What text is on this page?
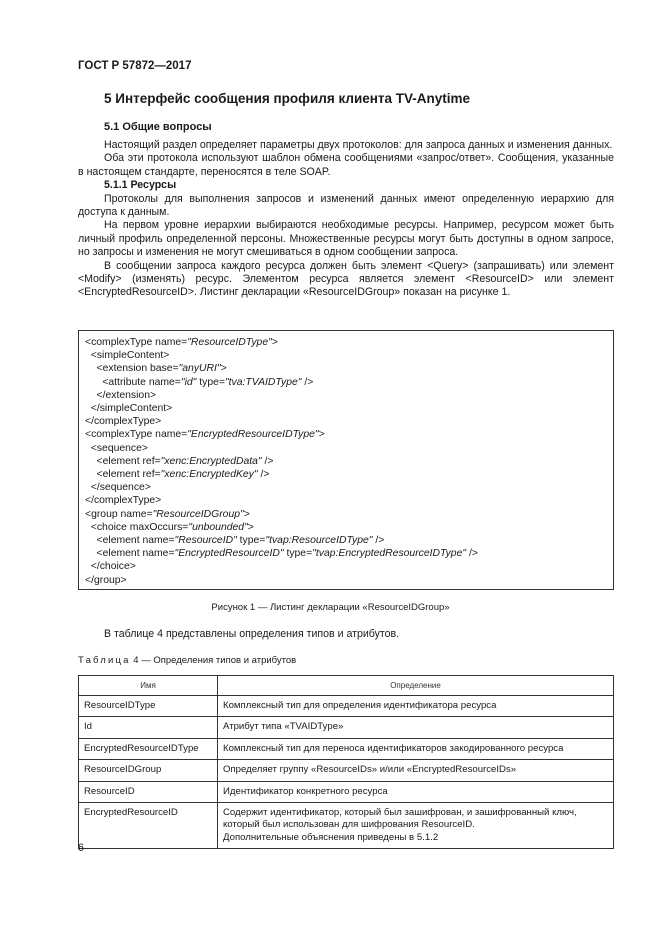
ГОСТ Р 57872—2017
5 Интерфейс сообщения профиля клиента TV-Anytime
5.1 Общие вопросы

Настоящий раздел определяет параметры двух протоколов: для запроса данных и изменения данных.

Оба эти протокола используют шаблон обмена сообщениями «запрос/ответ». Сообщения, указанные в настоящем стандарте, переносятся в теле SOAP.

5.1.1 Ресурсы

Протоколы для выполнения запросов и изменений данных имеют определенную иерархию для доступа к данным.

На первом уровне иерархии выбираются необходимые ресурсы. Например, ресурсом может быть личный профиль определенной персоны. Множественные ресурсы могут быть доступны в одном запросе, но запросы и изменения не могут смешиваться в одном сообщении запроса.

В сообщении запроса каждого ресурса должен быть элемент <Query> (запрашивать) или элемент <Modify> (изменять) ресурс. Элементом ресурса является элемент <ResourceID> или элемент <EncryptedResourceID>. Листинг декларации «ResourceIDGroup» показан на рисунке 1.

<complexType name="ResourceIDType">
<simpleContent>
<extension base="anyURI">
<attribute name="id" type="tva:TVAIDType" />
</extension>
</simpleContent>
</complexType>
<complexType name="EncryptedResourceIDType">
<sequence>
<element ref="xenc:EncryptedData" />
<element ref="xenc:EncryptedKey" />
</sequence>
</complexType>
<group name="ResourceIDGroup">
<choice maxOccurs="unbounded">
<element name="ResourceID" type="tvap:ResourceIDType" />
<element name="EncryptedResourceID" type="tvap:EncryptedResourceIDType" />
</choice>
</group>
Рисунок 1 — Листинг декларации «ResourceIDGroup»
В таблице 4 представлены определения типов и атрибутов.
Таблица 4 — Определения типов и атрибутов
Имя	Определение
ResourceIDType	Комплексный тип для определения идентификатора ресурса

Id	Атрибут типа «TVAIDType»

EncryptedResourceIDType	Комплексный тип для переноса идентификаторов закодированного ресурса

ResourceIDGroup	Определяет группу «ResourceIDs» и/или «EncryptedResourceIDs»

ResourceID	Идентификатор конкретного ресурса

EncryptedResourceID	Содержит идентификатор, который был зашифрован, и зашифрованный ключ, который был использован для шифрования ResourceID.
Дополнительные объяснения приведены в 5.1.2
6
